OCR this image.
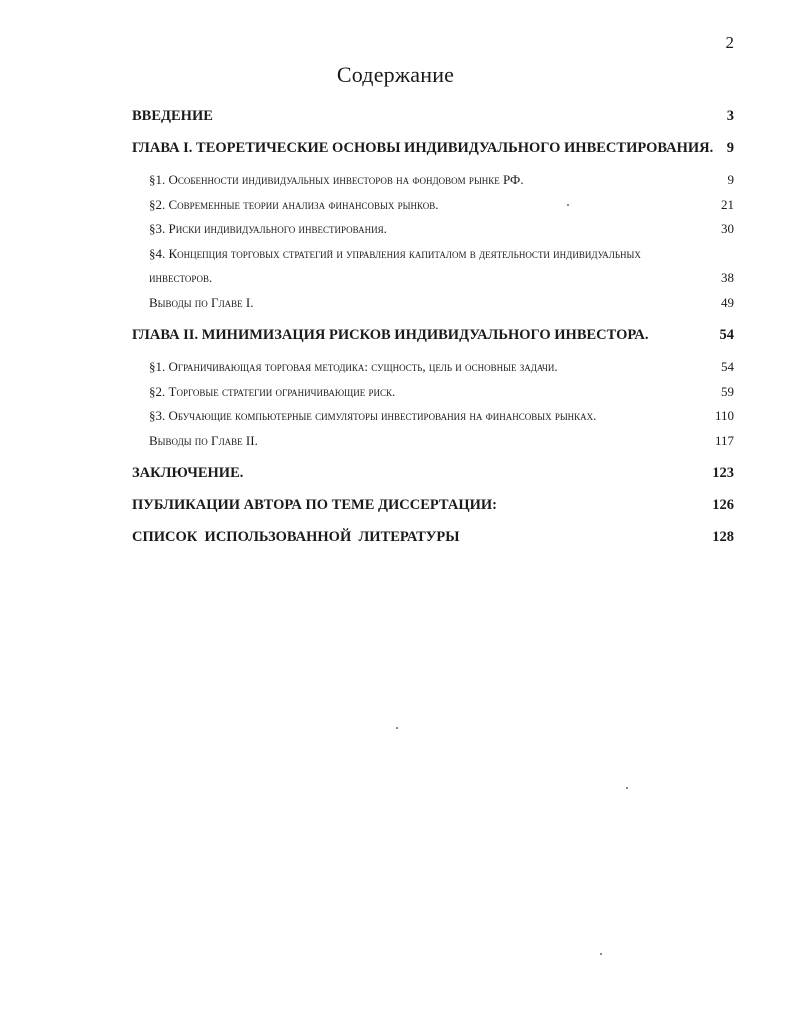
2
Содержание
ВВЕДЕНИЕ	3
ГЛАВА I. ТЕОРЕТИЧЕСКИЕ ОСНОВЫ ИНДИВИДУАЛЬНОГО ИНВЕСТИРОВАНИЯ. 9
§1. Особенности индивидуальных инвесторов на фондовом рынке РФ.	9
§2. Современные теории анализа финансовых рынков.	21
§3. Риски индивидуального инвестирования.	30
§4. Концепция торговых стратегий и управления капиталом в деятельности индивидуальных инвесторов.	38
Выводы по Главе I.	49
ГЛАВА II. МИНИМИЗАЦИЯ РИСКОВ ИНДИВИДУАЛЬНОГО ИНВЕСТОРА.	54
§1. Ограничивающая торговая методика: сущность, цель и основные задачи.	54
§2. Торговые стратегии ограничивающие риск.	59
§3. Обучающие компьютерные симуляторы инвестирования на финансовых рынках.	110
Выводы по Главе II.	117
ЗАКЛЮЧЕНИЕ.	123
ПУБЛИКАЦИИ АВТОРА ПО ТЕМЕ ДИССЕРТАЦИИ:	126
СПИСОК  ИСПОЛЬЗОВАННОЙ  ЛИТЕРАТУРЫ	128
